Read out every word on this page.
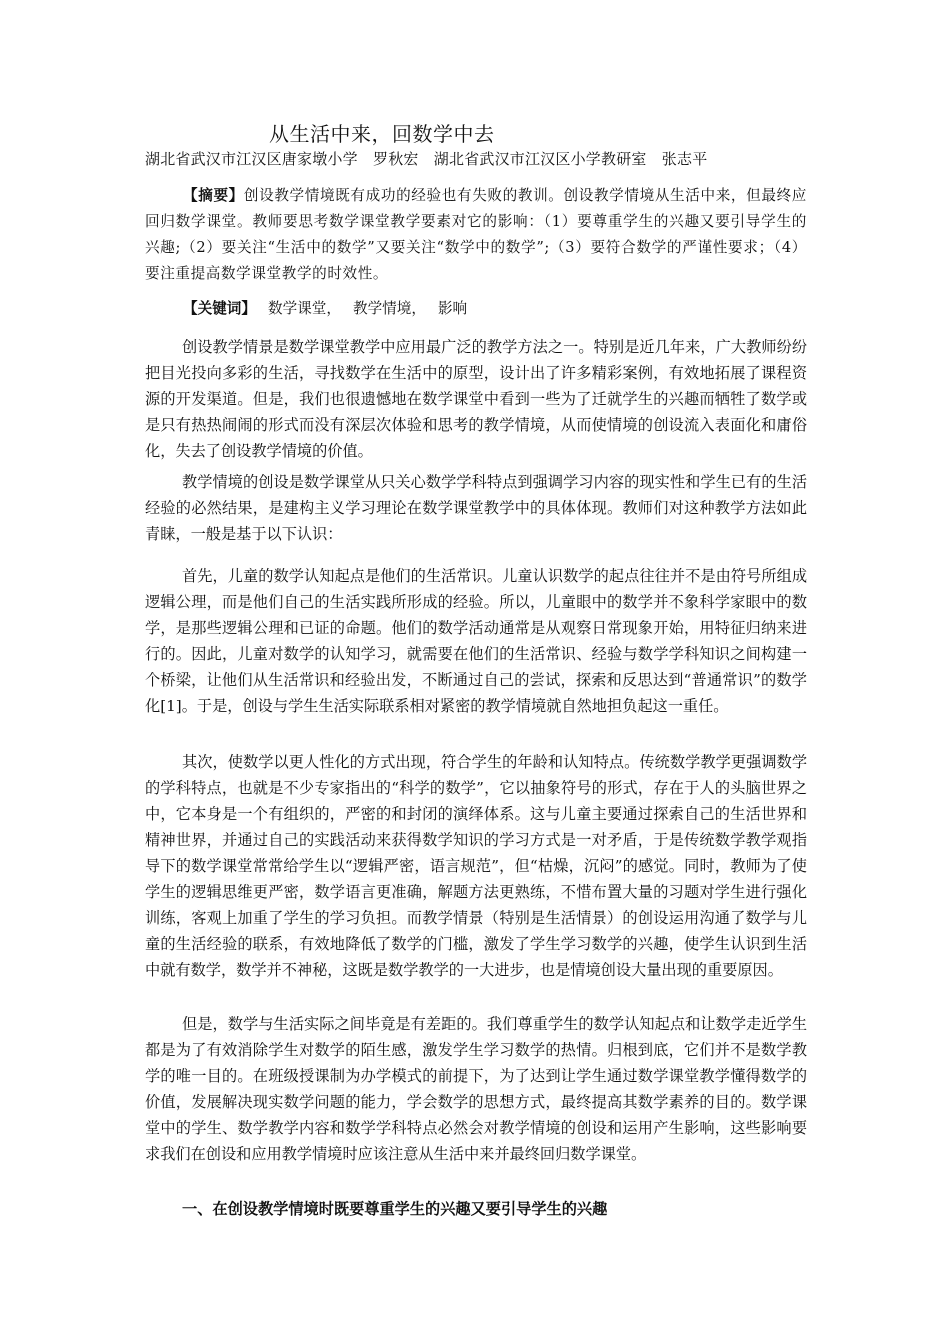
从生活中来，回数学中去
湖北省武汉市江汉区唐家墩小学　罗秋宏　湖北省武汉市江汉区小学教研室　张志平

【摘要】创设教学情境既有成功的经验也有失败的教训。创设教学情境从生活中来，但最终应回归数学课堂。教师要思考数学课堂教学要素对它的影响：（1）要尊重学生的兴趣又要引导学生的兴趣;（2）要关注“生活中的数学”又要关注“数学中的数学”;（3）要符合数学的严谨性要求；（4）要注重提高数学课堂教学的时效性。

【关键词】 数学课堂， 教学情境， 影响

创设教学情景是数学课堂教学中应用最广泛的教学方法之一。特别是近几年来，广大教师纷纷把目光投向多彩的生活，寻找数学在生活中的原型，设计出了许多精彩案例，有效地拓展了课程资源的开发渠道。但是，我们也很遗憾地在数学课堂中看到一些为了迁就学生的兴趣而牺牲了数学或是只有热热闹闹的形式而没有深层次体验和思考的教学情境，从而使情境的创设流入表面化和庸俗化，失去了创设教学情境的价值。

教学情境的创设是数学课堂从只关心数学学科特点到强调学习内容的现实性和学生已有的生活经验的必然结果，是建构主义学习理论在数学课堂教学中的具体体现。教师们对这种教学方法如此青睐，一般是基于以下认识：

首先，儿童的数学认知起点是他们的生活常识。儿童认识数学的起点往往并不是由符号所组成逻辑公理，而是他们自己的生活实践所形成的经验。所以，儿童眼中的数学并不象科学家眼中的数学，是那些逻辑公理和已证的命题。他们的数学活动通常是从观察日常现象开始，用特征归纳来进行的。因此，儿童对数学的认知学习，就需要在他们的生活常识、经验与数学学科知识之间构建一个桥梁，让他们从生活常识和经验出发，不断通过自己的尝试，探索和反思达到“普通常识”的数学化[1]。于是，创设与学生生活实际联系相对紧密的教学情境就自然地担负起这一重任。

其次，使数学以更人性化的方式出现，符合学生的年龄和认知特点。传统数学教学更强调数学的学科特点，也就是不少专家指出的“科学的数学”，它以抽象符号的形式，存在于人的头脑世界之中，它本身是一个有组织的，严密的和封闭的演绎体系。这与儿童主要通过探索自己的生活世界和精神世界，并通过自己的实践活动来获得数学知识的学习方式是一对矛盾，于是传统数学教学观指导下的数学课堂常常给学生以“逻辑严密，语言规范”，但“枯燥，沉闷”的感觉。同时，教师为了使学生的逻辑思维更严密，数学语言更准确，解题方法更熟练，不惜布置大量的习题对学生进行强化训练，客观上加重了学生的学习负担。而教学情景（特别是生活情景）的创设运用沟通了数学与儿童的生活经验的联系，有效地降低了数学的门槛，激发了学生学习数学的兴趣，使学生认识到生活中就有数学，数学并不神秘，这既是数学教学的一大进步，也是情境创设大量出现的重要原因。

但是，数学与生活实际之间毕竟是有差距的。我们尊重学生的数学认知起点和让数学走近学生都是为了有效消除学生对数学的陌生感，激发学生学习数学的热情。归根到底，它们并不是数学教学的唯一目的。在班级授课制为办学模式的前提下，为了达到让学生通过数学课堂教学懂得数学的价值，发展解决现实数学问题的能力，学会数学的思想方式，最终提高其数学素养的目的。数学课堂中的学生、数学教学内容和数学学科特点必然会对教学情境的创设和运用产生影响，这些影响要求我们在创设和应用教学情境时应该注意从生活中来并最终回归数学课堂。

一、在创设教学情境时既要尊重学生的兴趣又要引导学生的兴趣
